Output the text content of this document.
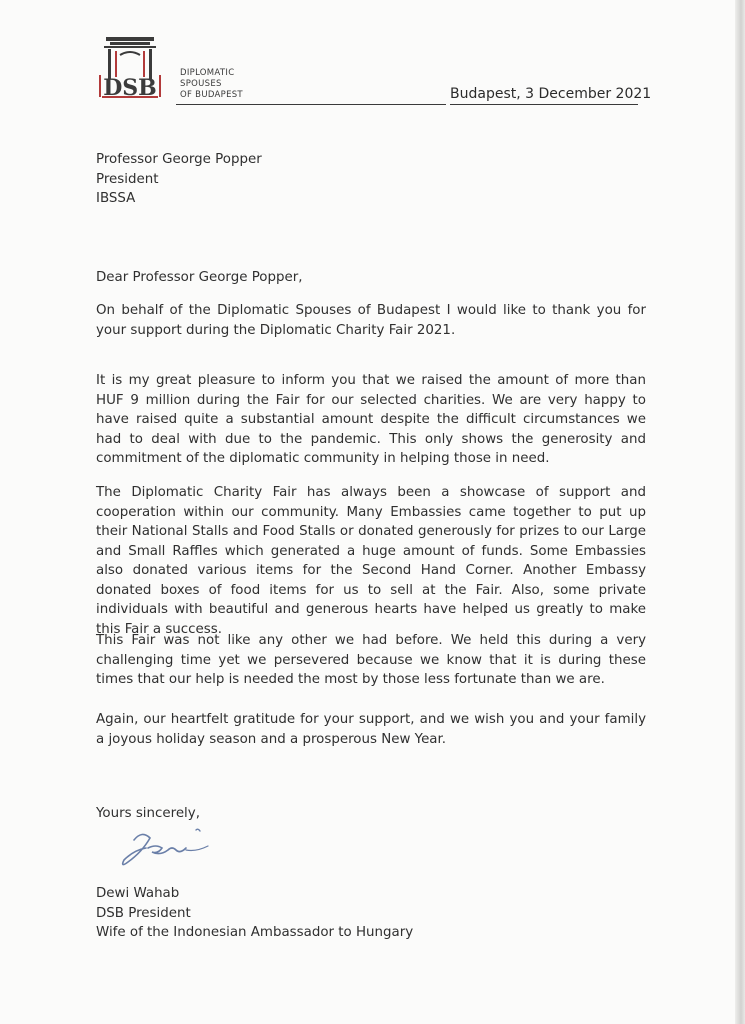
DSB
DIPLOMATIC
SPOUSES
OF BUDAPEST	Budapest, 3 December 2021

Professor George Popper

President

IBSSA

Dear Professor George Popper,

On behalf of the Diplomatic Spouses of Budapest I would like to thank you for your support during the Diplomatic Charity Fair 2021.

It is my great pleasure to inform you that we raised the amount of more than HUF 9 million during the Fair for our selected charities. We are very happy to have raised quite a substantial amount despite the difficult circumstances we had to deal with due to the pandemic. This only shows the generosity and commitment of the diplomatic community in helping those in need.

The Diplomatic Charity Fair has always been a showcase of support and cooperation within our community. Many Embassies came together to put up their National Stalls and Food Stalls or donated generously for prizes to our Large and Small Raffles which generated a huge amount of funds. Some Embassies also donated various items for the Second Hand Corner. Another Embassy donated boxes of food items for us to sell at the Fair. Also, some private individuals with beautiful and generous hearts have helped us greatly to make this Fair a success.

This Fair was not like any other we had before. We held this during a very challenging time yet we persevered because we know that it is during these times that our help is needed the most by those less fortunate than we are.

Again, our heartfelt gratitude for your support, and we wish you and your family a joyous holiday season and a prosperous New Year.

Yours sincerely,

Dewi Wahab

DSB President

Wife of the Indonesian Ambassador to Hungary
